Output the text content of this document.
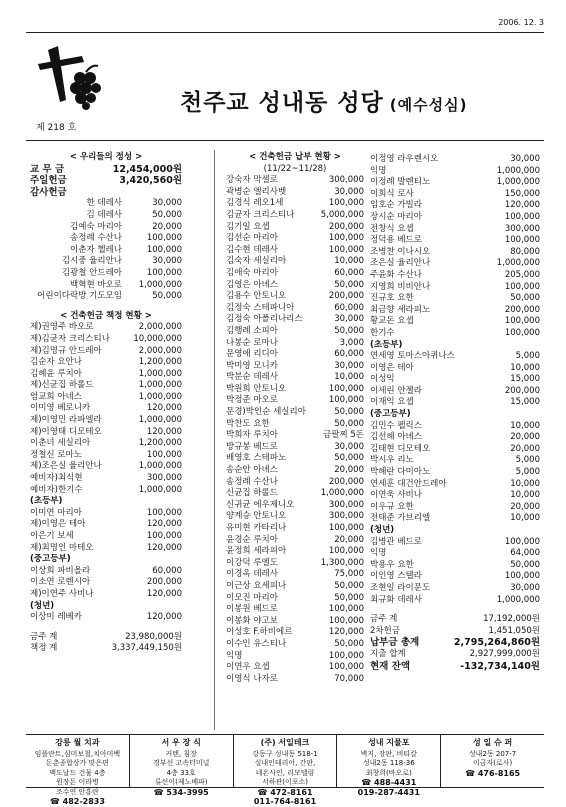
2006. 12. 3
제 218 호
천주교 성내동 성당 (예수성심)
< 우리들의 정성 >
교 무 금	12,454,000원
주일헌금	3,420,560원
감사헌금
한 데레사	30,000
김 데레사	50,000
김예숙 마리아	20,000
송정례 수산나	100,000
이춘자 헬레나	100,000
김시중 율리안나	30,000
김광철 안드레아	100,000
백혁현 바오로	1,000,000
어린이다락방 기도모임	50,000
< 건축헌금 책정 현황 >
제)권영주 바오로	2,000,000
제)김균자 크리스티나	10,000,000
제)김명규 안드레아	2,000,000
김순자 요안나	1,200,000
김혜윤 루치아	1,000,000
제)신균집 하롤드	1,000,000
엄교희 아네스	1,000,000
이미영 베로니카	120,000
제)이영민 라파엘라	1,000,000
제)이영태 디모테오	120,000
이춘녀 세실리아	1,200,000
정철신 로마노	100,000
제)조은실 율리안나	1,000,000
예비자)최식현	300,000
예비자)한기수	1,000,000
(초등부)
이미연 마리아	100,000
제)이영은 테아	120,000
이은기 보세	100,000
제)최명인 마테오	120,000
(중고등부)
이상희 파비올라	60,000
이소연 로렌시아	200,000
제)이연주 사비나	120,000
(청년)
이상미 레베카	120,000
금주 계	23,980,000원
책정 계	3,337,449,150원
< 건축헌금 납부 현황 >
(11/22~11/28)
강숙자 막셀로	300,000
곽병순 엘리사벳	30,000
김경식 레오1세	100,000
김균자 크리스티나	5,000,000
김기일 요셉	200,000
김선순 마리아	100,000
김수현 데레사	100,000
김숙자 세실리아	10,000
김애숙 마리아	60,000
김영은 아녜스	50,000
김용수 안토니오	200,000
김정숙 스테파니아	60,000
김정숙 아폴리나리스	30,000
김행례 소피아	50,000
나봉순 로마나	3,000
문영애 리디아	60,000
박미영 모니카	30,000
박분순 데레사	10,000
박원희 안토니오	100,000
박정준 마오로	100,000
문경)박인순 세실리아	50,000
박찬도 요한	50,000
박희자 루치아	금팔찌 5돈
방규봉 베드로	30,000
배영호 스테파노	50,000
송순안 아녜스	20,000
송정례 수산나	200,000
신균집 하롤드	1,000,000
신귀균 에우제니오	300,000
양계승 안토니오	300,000
유미현 카타리나	100,000
윤경순 루치아	20,000
윤정희 세라피아	100,000
이강덕 루엘도	1,300,000
이경옥 데레사	75,000
이근상 요세피나	50,000
이모진 마리아	50,000
이봉원 베드로	100,000
이봉화 야고보	100,000
이성호 F.하비에르	120,000
이수인 유스티나	50,000
익명	100,000
이연우 요셉	100,000
이영식 나자로	70,000
이정영 라우렌시오	30,000
익명	1,000,000
이정례 발렌티노	1,000,000
이희식 로사	150,000
임호순 가빌라	120,000
장시순 마리아	100,000
전창식 요셉	300,000
정덕용 베드로	100,000
조병찬 이나시오	80,000
조은실 율리안나	1,000,000
주윤화 수산나	205,000
지영희 비비안나	100,000
진규호 요한	50,000
최금향 세라피노	200,000
황교돈 요셉	100,000
한기수	100,000
(초등부)
연세영 토마스아퀴나스	5,000
이영은 테아	10,000
이성익	15,000
이세린 안젤라	200,000
이재익 요셉	15,000
(중고등부)
김민수 펠릭스	10,000
김선혜 아녜스	20,000
김태현 디모테오	20,000
박시우 리노	5,000
박혜란 다미아노	5,000
연세훈 대건안드레아	10,000
이연욱 사비나	10,000
이우규 요한	20,000
전태준 가브리엘	10,000
(청년)
김병관 베드로	100,000
익명	64,000
박용우 요한	50,000
이인영 스텔라	100,000
조현일 라이문도	30,000
최규화 데레사	1,000,000
금주 계	17,192,000원
2차헌금	1,451,050원
납부금 총계	2,795,264,860원
지출 합계	2,927,999,000원
현재 잔액	-132,734,140원
강릉 월 치과
임플란트,심미보철,치아미백
돈춘종합상가 맞은편
맥도날드 건물 4층
원장돈 이라병
조수연 안흥란
☎ 482-2833
서 우 장 식
커텐, 침장
경부선 고속터미널
4층 33호
류선이(제노베파)
☎ 534-3995
(주) 서일테크
강동구 성내동 518-1
실내인테리어, 간판,
네온사인, 리모델링
서하관(이포소)
☎ 472-8161
011-764-8161
성내 지물포
벽지, 장판, 비티칼
성내2동 118-36
최창희(바오로)
☎ 488-4431
019-287-4431
성 일 슈 퍼
성내2동 207-7
이금자(로사)
☎ 476-8165
